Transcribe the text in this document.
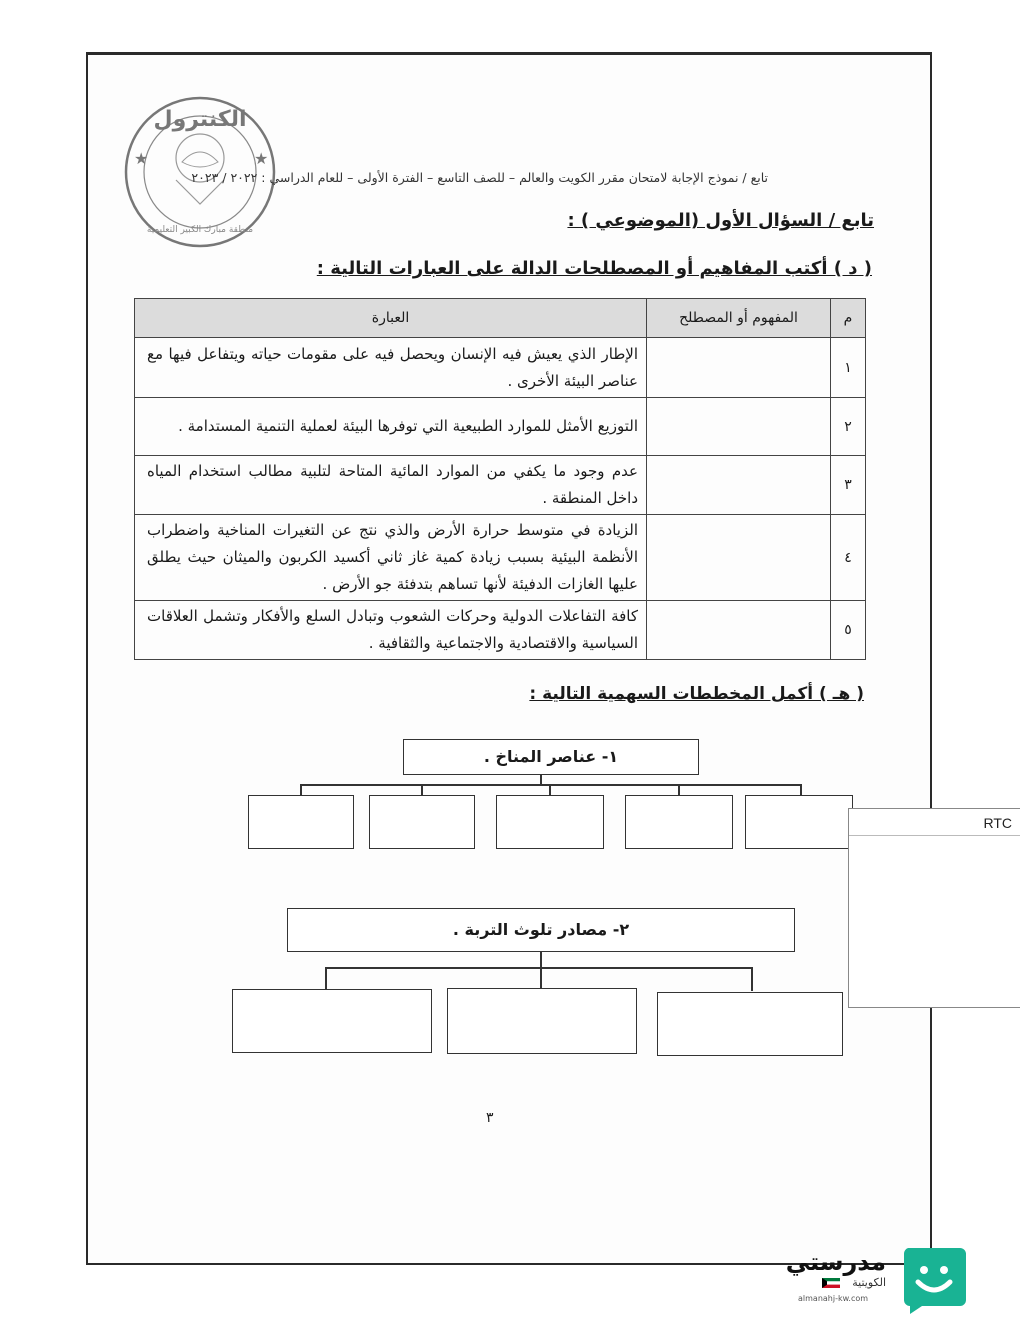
الكنترول
★	★
منطقة مبارك الكبير التعليمية
تابع / نموذج الإجابة لامتحان مقرر الكويت والعالم – للصف التاسع – الفترة الأولى – للعام الدراسي : ٢٠٢٢ / ٢٠٢٣
تابع / السؤال الأول (الموضوعي ) :
( د ) أكتب المفاهيم أو المصطلحات الدالة على العبارات التالية :
م	المفهوم أو المصطلح	العبارة
١		الإطار الذي يعيش فيه الإنسان ويحصل فيه على مقومات حياته ويتفاعل فيها مع عناصر البيئة الأخرى .
٢		التوزيع الأمثل للموارد الطبيعية التي توفرها البيئة لعملية التنمية المستدامة .
٣		عدم وجود ما يكفي من الموارد المائية المتاحة لتلبية مطالب استخدام المياه داخل المنطقة .
٤		الزيادة في متوسط حرارة الأرض والذي نتج عن التغيرات المناخية واضطراب الأنظمة البيئية بسبب زيادة كمية غاز ثاني أكسيد الكربون والميثان حيث يطلق عليها الغازات الدفيئة لأنها تساهم بتدفئة جو الأرض .
٥		كافة التفاعلات الدولية وحركات الشعوب وتبادل السلع والأفكار وتشمل العلاقات السياسية والاقتصادية والاجتماعية والثقافية .
( هـ ) أكمل المخططات السهمية التالية :
١- عناصر المناخ .
٢- مصادر تلوث التربة .
٣
RTC
مدرستي
الكويتية
almanahj-kw.com
